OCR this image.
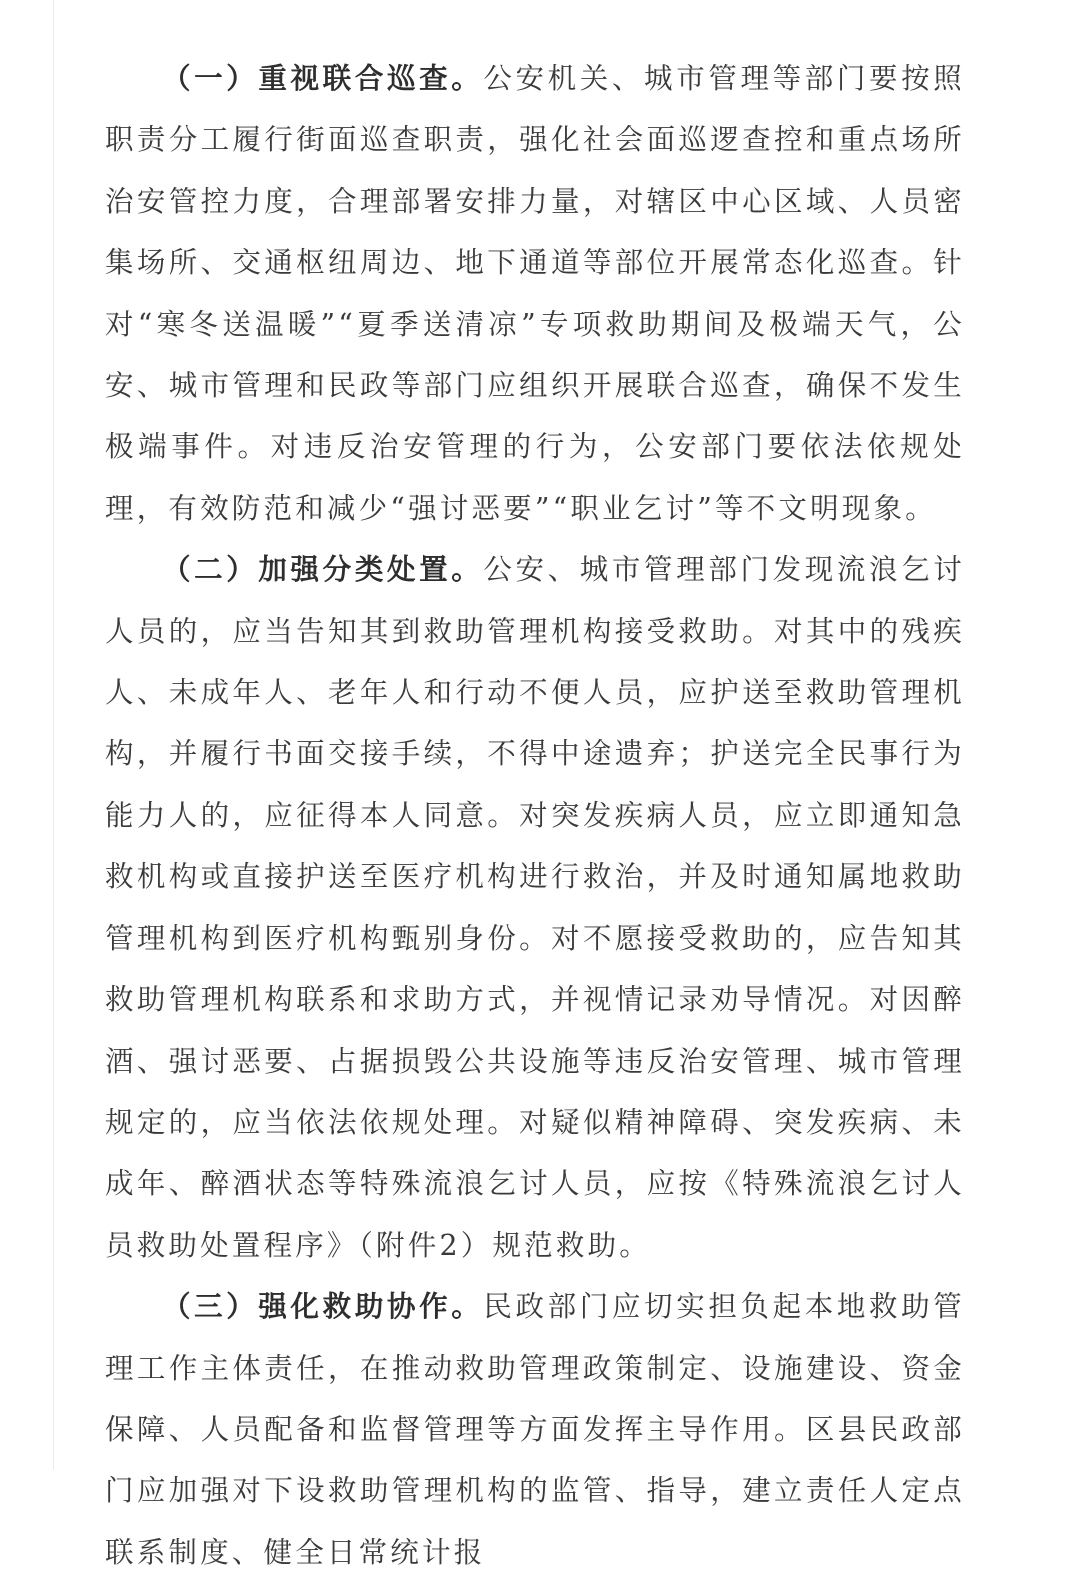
（一）重视联合巡查。公安机关、城市管理等部门要按照职责分工履行街面巡查职责，强化社会面巡逻查控和重点场所治安管控力度，合理部署安排力量，对辖区中心区域、人员密集场所、交通枢纽周边、地下通道等部位开展常态化巡查。针对“寒冬送温暖”“夏季送清凉”专项救助期间及极端天气，公安、城市管理和民政等部门应组织开展联合巡查，确保不发生极端事件。对违反治安管理的行为，公安部门要依法依规处理，有效防范和减少“强讨恶要”“职业乞讨”等不文明现象。

（二）加强分类处置。公安、城市管理部门发现流浪乞讨人员的，应当告知其到救助管理机构接受救助。对其中的残疾人、未成年人、老年人和行动不便人员，应护送至救助管理机构，并履行书面交接手续，不得中途遗弃；护送完全民事行为能力人的，应征得本人同意。对突发疾病人员，应立即通知急救机构或直接护送至医疗机构进行救治，并及时通知属地救助管理机构到医疗机构甄别身份。对不愿接受救助的，应告知其救助管理机构联系和求助方式，并视情记录劝导情况。对因醉酒、强讨恶要、占据损毁公共设施等违反治安管理、城市管理规定的，应当依法依规处理。对疑似精神障碍、突发疾病、未成年、醉酒状态等特殊流浪乞讨人员，应按《特殊流浪乞讨人员救助处置程序》（附件2）规范救助。

（三）强化救助协作。民政部门应切实担负起本地救助管理工作主体责任，在推动救助管理政策制定、设施建设、资金保障、人员配备和监督管理等方面发挥主导作用。区县民政部门应加强对下设救助管理机构的监管、指导，建立责任人定点联系制度、健全日常统计报
